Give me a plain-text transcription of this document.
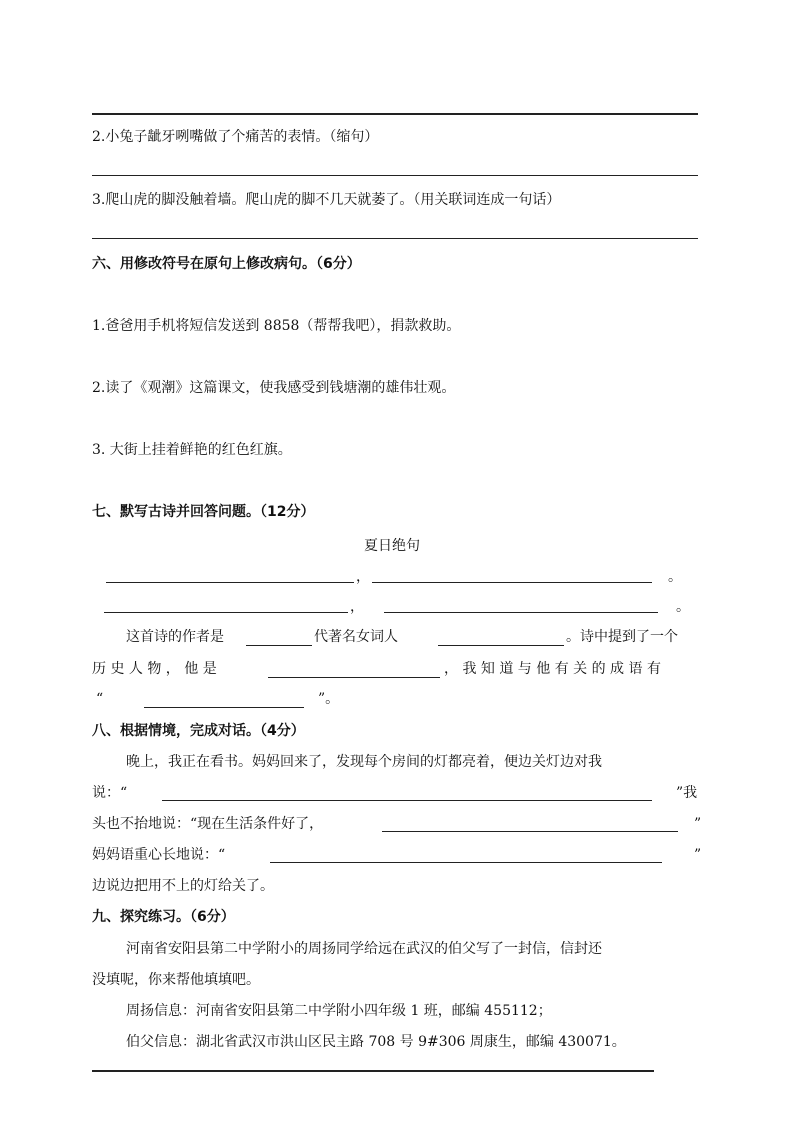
2.小兔子龇牙咧嘴做了个痛苦的表情。（缩句）
3.爬山虎的脚没触着墙。爬山虎的脚不几天就萎了。（用关联词连成一句话）
六、用修改符号在原句上修改病句。（6分）
1.爸爸用手机将短信发送到 8858（帮帮我吧），捐款救助。
2.读了《观潮》这篇课文，使我感受到钱塘潮的雄伟壮观。
3. 大街上挂着鲜艳的红色红旗。
七、默写古诗并回答问题。（12分）
夏日绝句
，	。
，	。
这首诗的作者是	代著名女词人	。诗中提到了一个
历 史 人 物 ， 他 是	， 我 知 道 与 他 有 关 的 成 语 有
“	”。
八、根据情境，完成对话。（4分）
晚上，我正在看书。妈妈回来了，发现每个房间的灯都亮着，便边关灯边对我
说：“	”我
头也不抬地说：“现在生活条件好了，	”
妈妈语重心长地说：“	”
边说边把用不上的灯给关了。
九、探究练习。（6分）
河南省安阳县第二中学附小的周扬同学给远在武汉的伯父写了一封信，信封还
没填呢，你来帮他填填吧。
周扬信息：河南省安阳县第二中学附小四年级 1 班，邮编 455112；
伯父信息：湖北省武汉市洪山区民主路 708 号 9#306 周康生，邮编 430071。
